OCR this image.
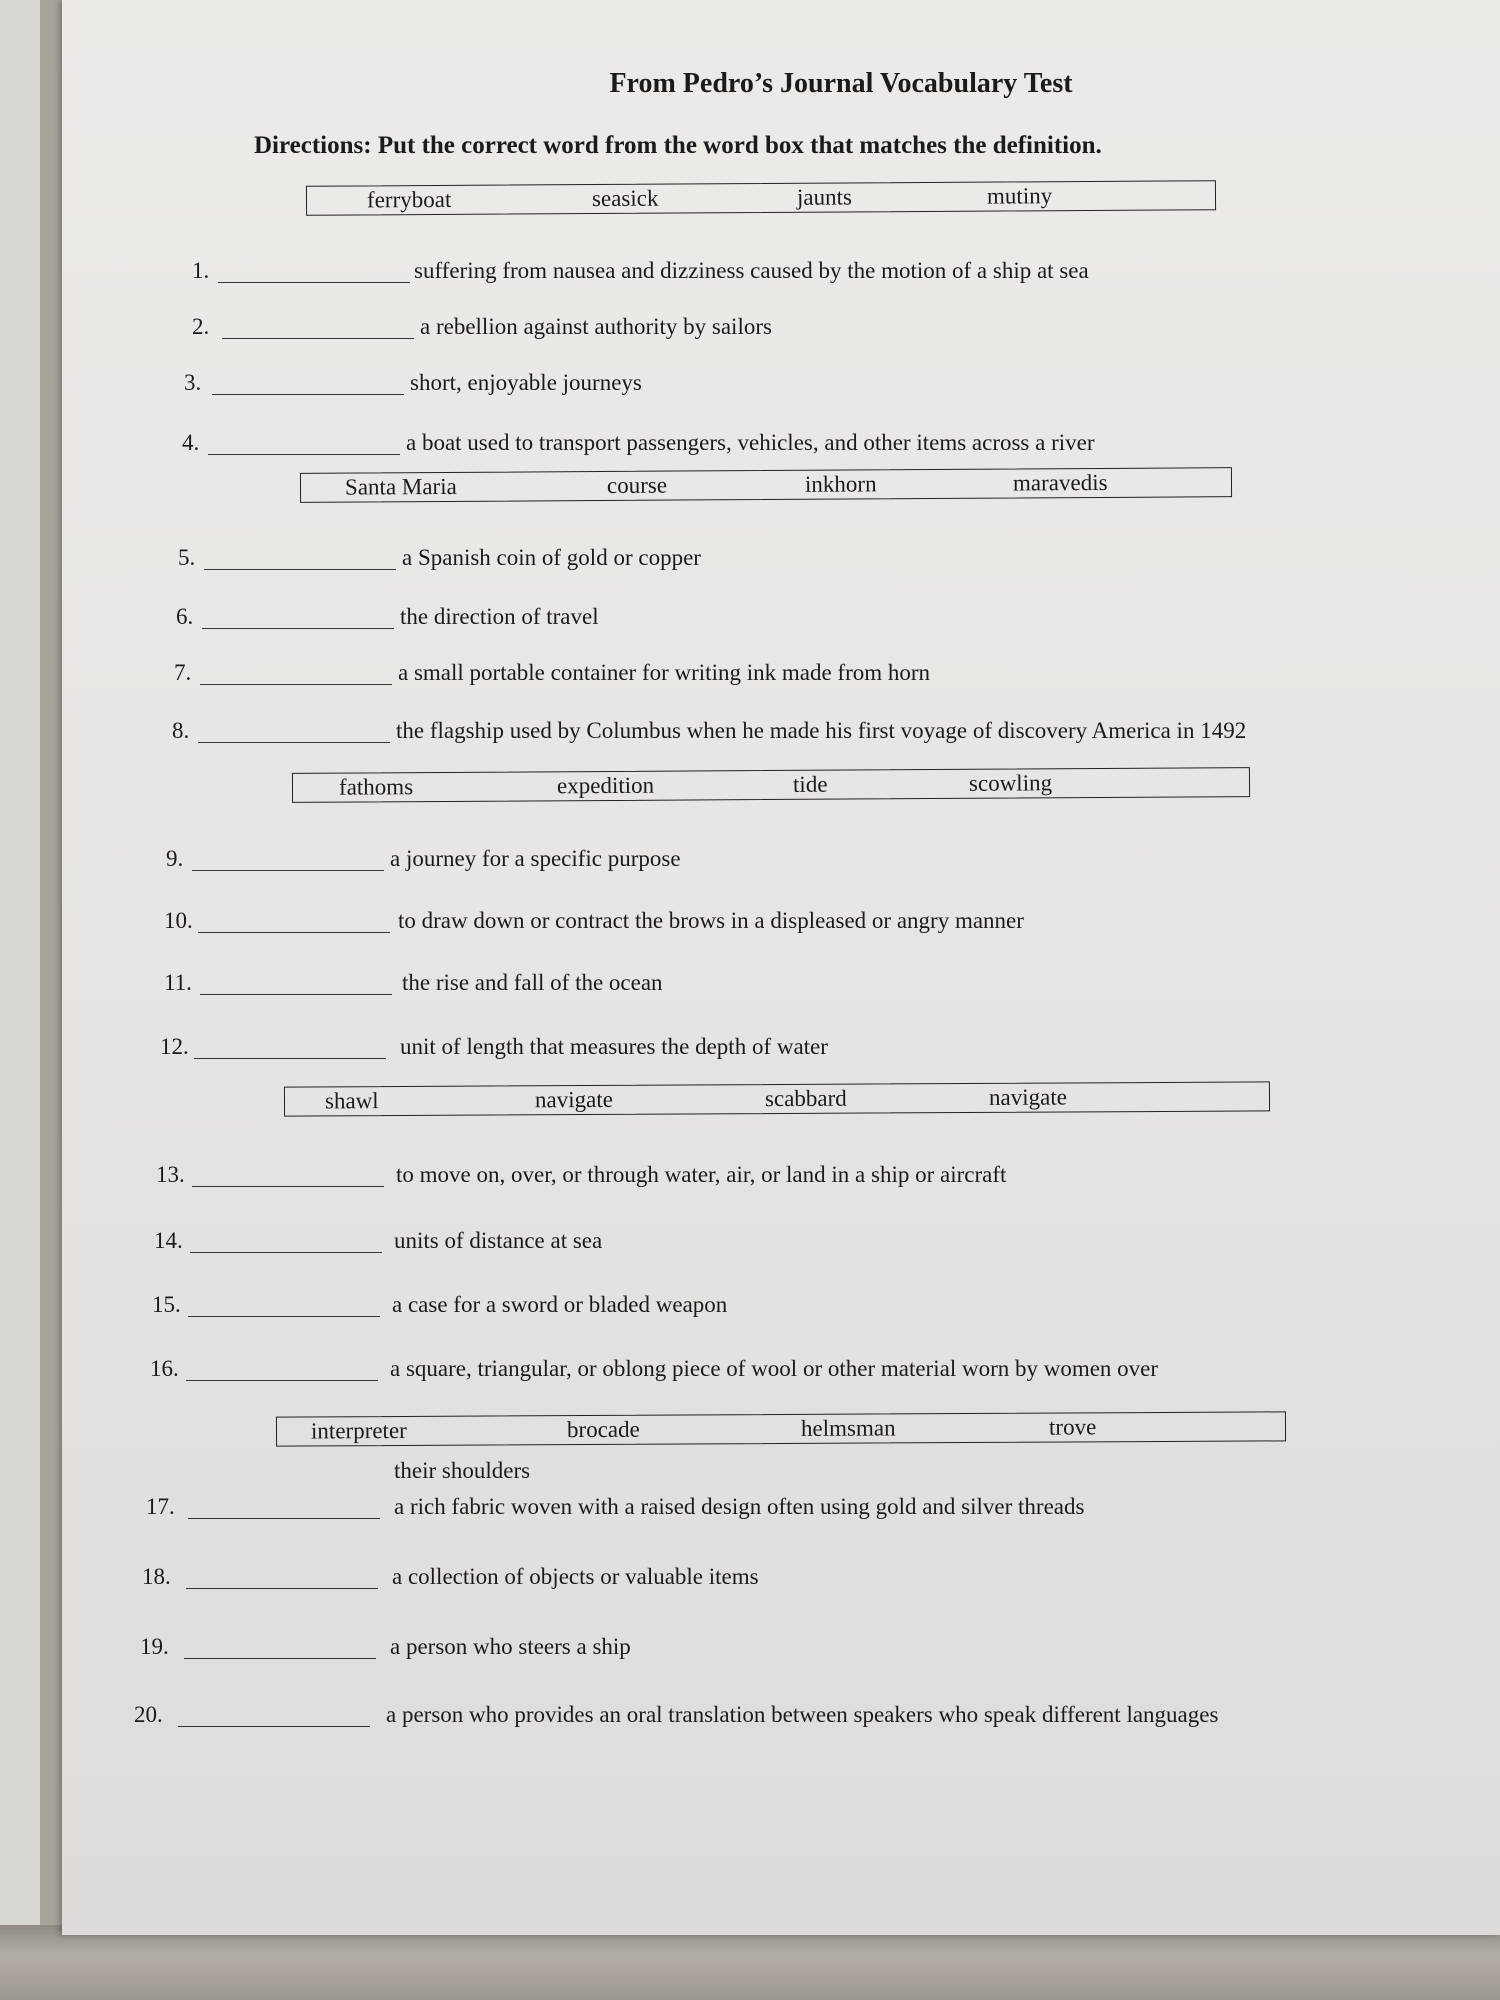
From Pedro’s Journal Vocabulary Test
Directions: Put the correct word from the word box that matches the definition.
ferryboat	seasick	jaunts	mutiny
1.	suffering from nausea and dizziness caused by the motion of a ship at sea
2.	a rebellion against authority by sailors
3.	short, enjoyable journeys
4.	a boat used to transport passengers, vehicles, and other items across a river
Santa Maria	course	inkhorn	maravedis
5.	a Spanish coin of gold or copper
6.	the direction of travel
7.	a small portable container for writing ink made from horn
8.	the flagship used by Columbus when he made his first voyage of discovery America in 1492
fathoms	expedition	tide	scowling
9.	a journey for a specific purpose
10.	to draw down or contract the brows in a displeased or angry manner
11.	the rise and fall of the ocean
12.	unit of length that measures the depth of water
shawl	navigate	scabbard	navigate
13.	to move on, over, or through water, air, or land in a ship or aircraft
14.	units of distance at sea
15.	a case for a sword or bladed weapon
16.	a square, triangular, or oblong piece of wool or other material worn by women over
interpreter	brocade	helmsman	trove
their shoulders
17.	a rich fabric woven with a raised design often using gold and silver threads
18.	a collection of objects or valuable items
19.	a person who steers a ship
20.	a person who provides an oral translation between speakers who speak different languages
